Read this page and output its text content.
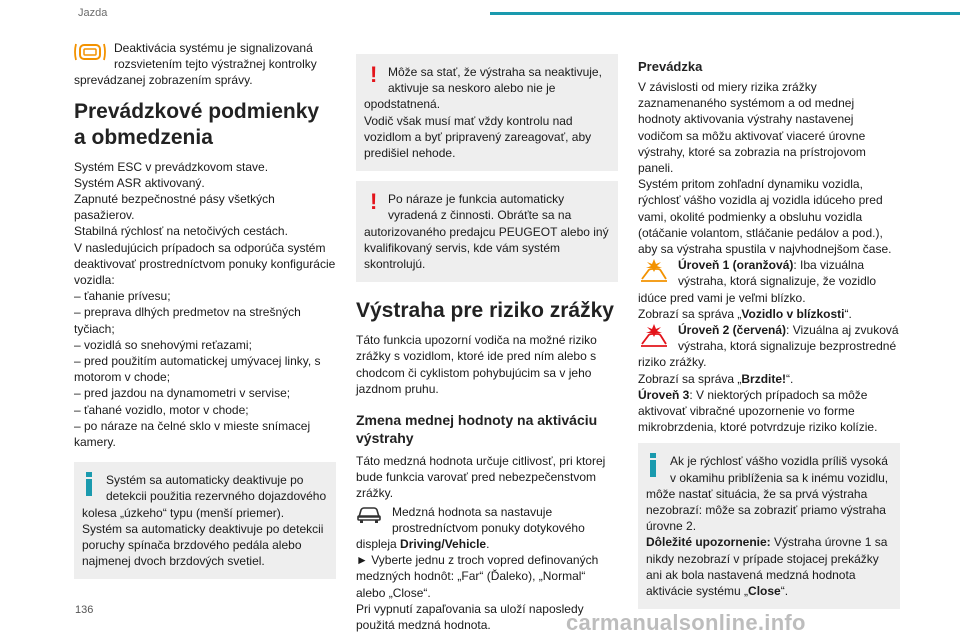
Jazda

Deaktivácia systému je signalizovaná rozsvietením tejto výstražnej kontrolky sprevádzanej zobrazením správy.

Prevádzkové podmienky a obmedzenia

Systém ESC v prevádzkovom stave.

Systém ASR aktivovaný.

Zapnuté bezpečnostné pásy všetkých pasažierov.

Stabilná rýchlosť na netočivých cestách.

V nasledujúcich prípadoch sa odporúča systém deaktivovať prostredníctvom ponuky konfigurácie vozidla:

– ťahanie prívesu;

– preprava dlhých predmetov na strešných tyčiach;

– vozidlá so snehovými reťazami;

– pred použitím automatickej umývacej linky, s motorom v chode;

– pred jazdou na dynamometri v servise;

– ťahané vozidlo, motor v chode;

– po náraze na čelné sklo v mieste snímacej kamery.

Systém sa automaticky deaktivuje po detekcii použitia rezervného dojazdového kolesa „úzkeho“ typu (menší priemer).

Systém sa automaticky deaktivuje po detekcii poruchy spínača brzdového pedála alebo najmenej dvoch brzdových svetiel.

! Môže sa stať, že výstraha sa neaktivuje, aktivuje sa neskoro alebo nie je opodstatnená.

Vodič však musí mať vždy kontrolu nad vozidlom a byť pripravený zareagovať, aby predišiel nehode.

! Po náraze je funkcia automaticky vyradená z činnosti. Obráťte sa na autorizovaného predajcu PEUGEOT alebo iný kvalifikovaný servis, kde vám systém skontrolujú.

Výstraha pre riziko zrážky

Táto funkcia upozorní vodiča na možné riziko zrážky s vozidlom, ktoré ide pred ním alebo s chodcom či cyklistom pohybujúcim sa v jeho jazdnom pruhu.

Zmena mednej hodnoty na aktiváciu výstrahy

Táto medzná hodnota určuje citlivosť, pri ktorej bude funkcia varovať pred nebezpečenstvom zrážky.

Medzná hodnota sa nastavuje prostredníctvom ponuky dotykového displeja Driving/Vehicle.

► Vyberte jednu z troch vopred definovaných medzných hodnôt: „Far“ (Ďaleko), „Normal“ alebo „Close“.

Pri vypnutí zapaľovania sa uloží naposledy použitá medzná hodnota.

Prevádzka

V závislosti od miery rizika zrážky zaznamenaného systémom a od mednej hodnoty aktivovania výstrahy nastavenej vodičom sa môžu aktivovať viaceré úrovne výstrahy, ktoré sa zobrazia na prístrojovom paneli.

Systém pritom zohľadní dynamiku vozidla, rýchlosť vášho vozidla aj vozidla idúceho pred vami, okolité podmienky a obsluhu vozidla (otáčanie volantom, stláčanie pedálov a pod.), aby sa výstraha spustila v najvhodnejšom čase.

Úroveň 1 (oranžová): Iba vizuálna výstraha, ktorá signalizuje, že vozidlo idúce pred vami je veľmi blízko.

Zobrazí sa správa „Vozidlo v blízkosti“.

Úroveň 2 (červená): Vizuálna aj zvuková výstraha, ktorá signalizuje bezprostredné riziko zrážky.

Zobrazí sa správa „Brzdite!“.

Úroveň 3: V niektorých prípadoch sa môže aktivovať vibračné upozornenie vo forme mikrobrzdenia, ktoré potvrdzuje riziko kolízie.

Ak je rýchlosť vášho vozidla príliš vysoká v okamihu priblíženia sa k inému vozidlu, môže nastať situácia, že sa prvá výstraha nezobrazí: môže sa zobraziť priamo výstraha úrovne 2.

Dôležité upozornenie: Výstraha úrovne 1 sa nikdy nezobrazí v prípade stojacej prekážky ani ak bola nastavená medzná hodnota aktivácie systému „Close“.

136	carmanualsonline.info
